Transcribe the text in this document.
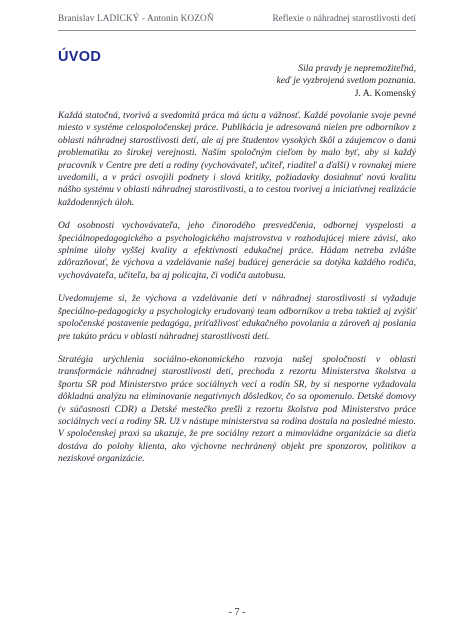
Branislav LADICKÝ - Antonín KOZOŇ	Reflexie o náhradnej starostlivosti detí
ÚVOD
Sila pravdy je nepremožiteľná,
keď je vyzbrojená svetlom poznania.
J. A. Komenský

Každá statočná, tvorivá a svedomitá práca má úctu a vážnosť. Každé povolanie svoje pevné miesto v systéme celospoločenskej práce. Publikácia je adresovaná nielen pre odborníkov z oblasti náhradnej starostlivosti detí, ale aj pre študentov vysokých škôl a záujemcov o danú problematiku zo širokej verejnosti. Naším spoločným cieľom by malo byť, aby si každý pracovník v Centre pre deti a rodiny (vychovávateľ, učiteľ, riaditeľ a ďalší) v rovnakej miere uvedomili, a v práci osvojili podnety i slová kritiky, požiadavky dosiahnuť novú kvalitu nášho systému v oblasti náhradnej starostlivosti, a to cestou tvorivej a iniciatívnej realizácie každodenných úloh.

Od osobnosti vychovávateľa, jeho činorodého presvedčenia, odbornej vyspelosti a špeciálnopedagogického a psychologického majstrovstva v rozhodujúcej miere závisí, ako splníme úlohy vyššej kvality a efektívnosti edukačnej práce. Hádam netreba zvlášte zdôrazňovať, že výchova a vzdelávanie našej budúcej generácie sa dotýka každého rodiča, vychovávateľa, učiteľa, ba aj policajta, či vodiča autobusu.

Uvedomujeme si, že výchova a vzdelávanie detí v náhradnej starostlivosti si vyžaduje špeciálno-pedagogicky a psychologicky erudovaný team odborníkov a treba taktiež aj zvýšiť spoločenské postavenie pedagóga, príťažlivosť edukačného povolania a zároveň aj poslania pre takúto prácu v oblasti náhradnej starostlivosti detí.

Stratégia urýchlenia sociálno-ekonomického rozvoja našej spoločnosti v oblasti transformácie náhradnej starostlivosti detí, prechodu z rezortu Ministerstva školstva a športu SR pod Ministerstvo práce sociálnych vecí a rodín SR, by si nesporne vyžadovala dôkladnú analýzu na eliminovanie negatívnych dôsledkov, čo sa opomenulo. Detské domovy (v súčasnosti CDR) a Detské mestečko prešli z rezortu školstva pod Ministerstvo práce sociálnych vecí a rodiny SR. Už v nástupe ministerstva sa rodina dostala na posledné miesto. V spoločenskej praxi sa ukazuje, že pre sociálny rezort a mimovládne organizácie sa dieťa dostáva do polohy klienta, ako výchovne nechránený objekt pre sponzorov, politikov a neziskové organizácie.

- 7 -
